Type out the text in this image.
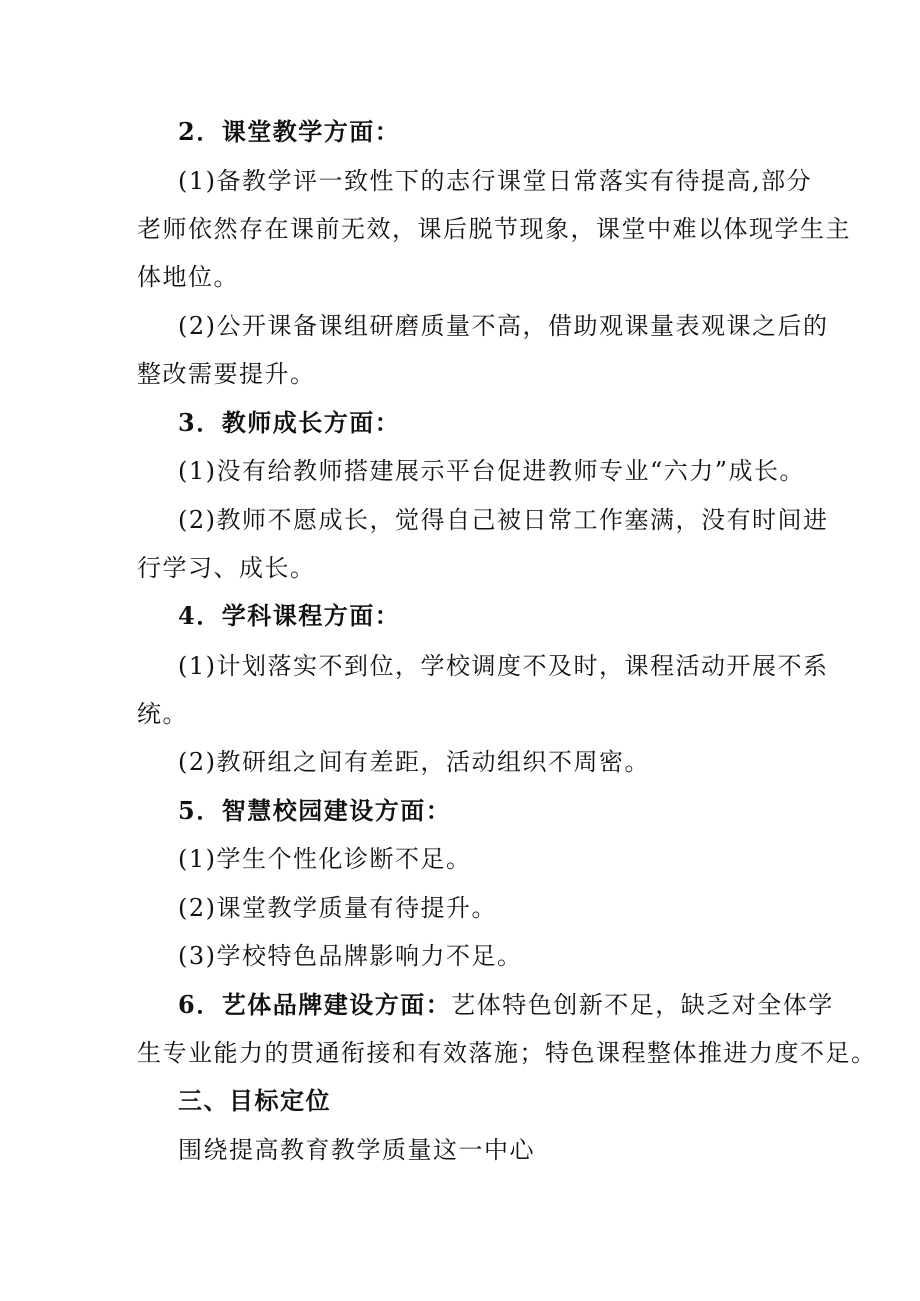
2．课堂教学方面：
(1)备教学评一致性下的志行课堂日常落实有待提高,部分
老师依然存在课前无效，课后脱节现象，课堂中难以体现学生主
体地位。
(2)公开课备课组研磨质量不高，借助观课量表观课之后的
整改需要提升。
3．教师成长方面：
(1)没有给教师搭建展示平台促进教师专业“六力”成长。
(2)教师不愿成长，觉得自己被日常工作塞满，没有时间进
行学习、成长。
4．学科课程方面：
(1)计划落实不到位，学校调度不及时，课程活动开展不系
统。
(2)教研组之间有差距，活动组织不周密。
5．智慧校园建设方面：
(1)学生个性化诊断不足。
(2)课堂教学质量有待提升。
(3)学校特色品牌影响力不足。
6．艺体品牌建设方面：艺体特色创新不足，缺乏对全体学
生专业能力的贯通衔接和有效落施；特色课程整体推进力度不足。
三、目标定位
围绕提高教育教学质量这一中心
